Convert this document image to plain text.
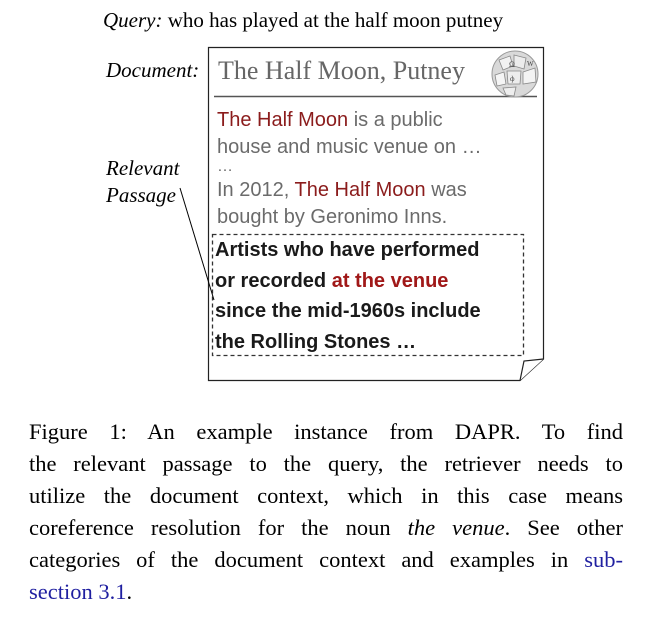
Query: who has played at the half moon putney
Document:
Relevant
Passage
Ω W
ф
The Half Moon, Putney
The Half Moon is a public
house and music venue on …
…
In 2012, The Half Moon was
bought by Geronimo Inns.
Artists who have performed
or recorded at the venue
since the mid-1960s include
the Rolling Stones …
Figure 1: An example instance from DAPR. To find
the relevant passage to the query, the retriever needs to
utilize the document context, which in this case means
coreference resolution for the noun the venue. See other
categories of the document context and examples in sub-
section 3.1.
